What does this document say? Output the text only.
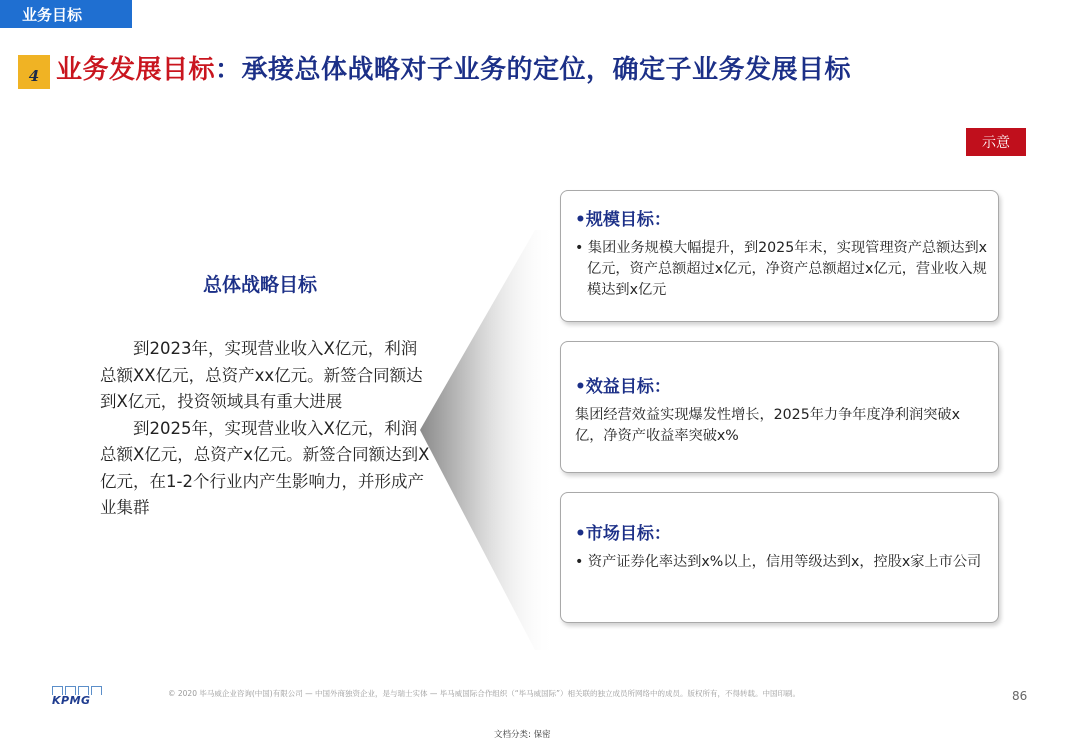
业务目标
4 业务发展目标：承接总体战略对子业务的定位，确定子业务发展目标
示意
总体战略目标

到2023年，实现营业收入X亿元，利润总额XX亿元，总资产xx亿元。新签合同额达到X亿元，投资领域具有重大进展

到2025年，实现营业收入X亿元，利润总额X亿元，总资产x亿元。新签合同额达到X亿元，在1-2个行业内产生影响力，并形成产业集群

•规模目标：
• 集团业务规模大幅提升，到2025年末，实现管理资产总额达到x亿元，资产总额超过x亿元，净资产总额超过x亿元，营业收入规模达到x亿元
•效益目标：
集团经营效益实现爆发性增长，2025年力争年度净利润突破x亿，净资产收益率突破x%
•市场目标：
• 资产证券化率达到x%以上，信用等级达到x，控股x家上市公司
KPMG
© 2020 毕马威企业咨询(中国)有限公司 — 中国外商独资企业，是与瑞士实体 — 毕马威国际合作组织（“毕马威国际”）相关联的独立成员所网络中的成员。版权所有，不得转载。中国印刷。	86
文档分类: 保密
